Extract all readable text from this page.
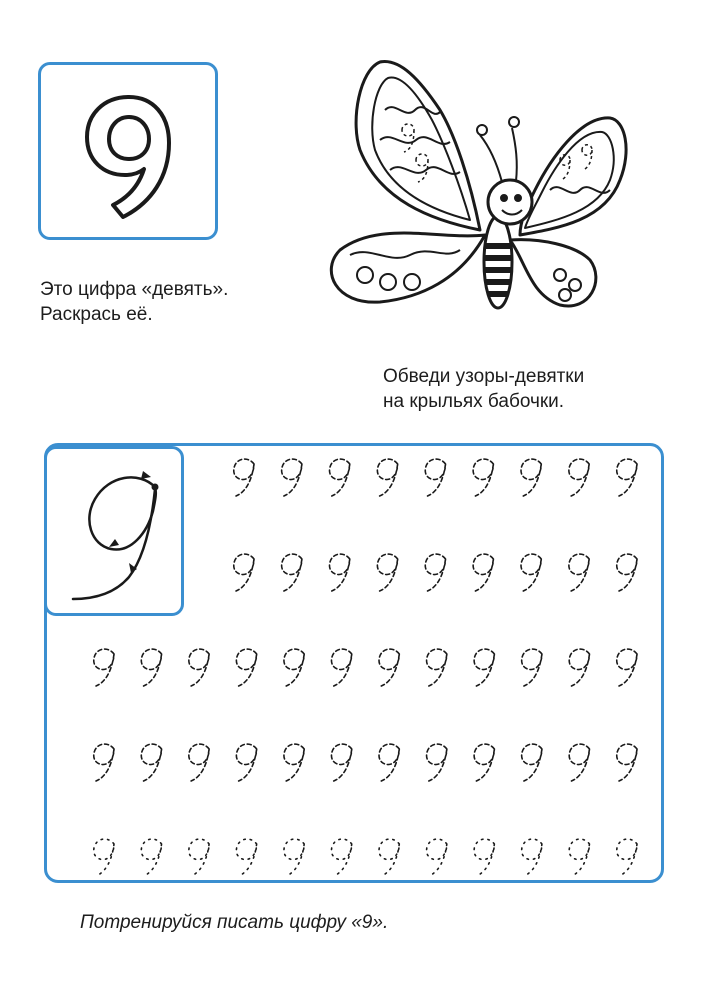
Это цифра «девять».
Раскрась её.
Обведи узоры-девятки
на крыльях бабочки.
Потренируйся писать цифру «9».
